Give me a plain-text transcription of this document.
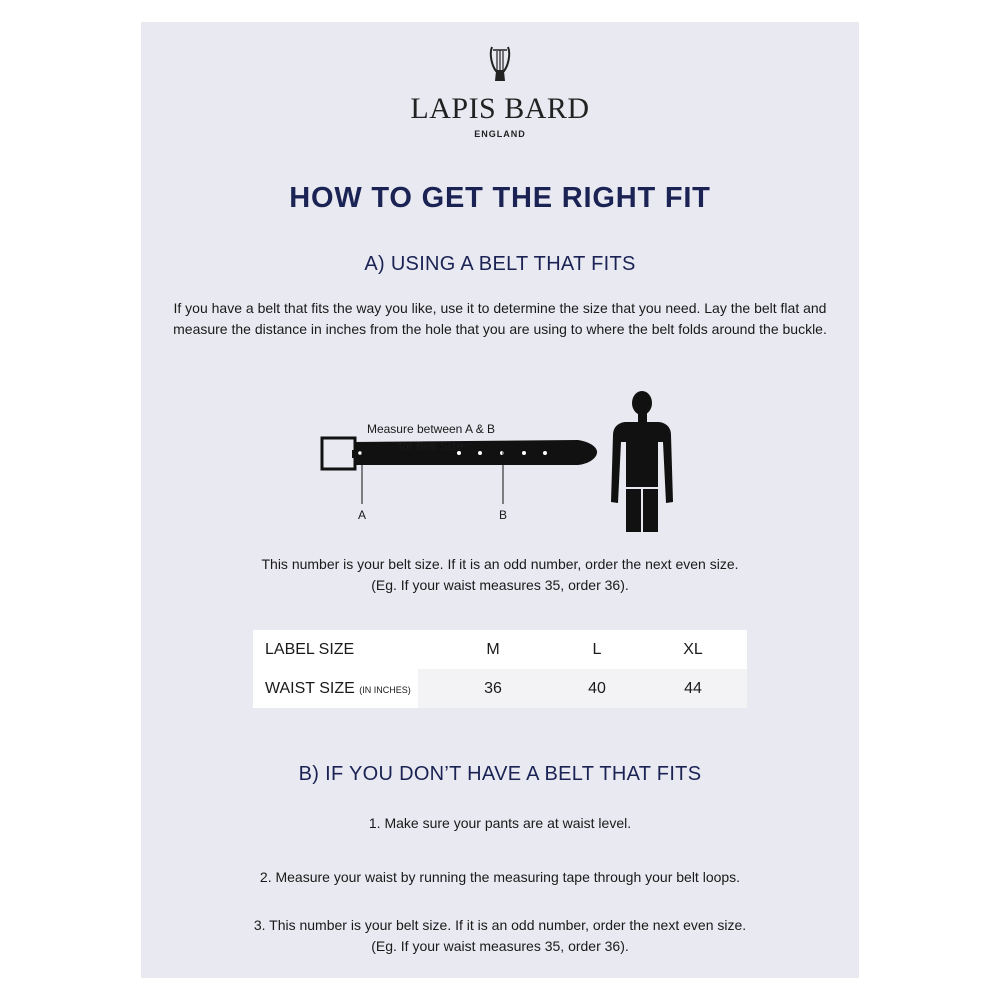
LAPIS BARD
ENGLAND
HOW TO GET THE RIGHT FIT
A) USING A BELT THAT FITS
If you have a belt that fits the way you like, use it to determine the size that you need. Lay the belt flat and
measure the distance in inches from the hole that you are using to where the belt folds around the buckle.
Measure between A & B
for Belt Size
A	B
This number is your belt size. If it is an odd number, order the next even size.
(Eg. If your waist measures 35, order 36).
LABEL SIZE	M	L	XL
WAIST SIZE (IN INCHES)	36	40	44
B) IF YOU DON’T HAVE A BELT THAT FITS
1. Make sure your pants are at waist level.
2. Measure your waist by running the measuring tape through your belt loops.
3. This number is your belt size. If it is an odd number, order the next even size.
(Eg. If your waist measures 35, order 36).
